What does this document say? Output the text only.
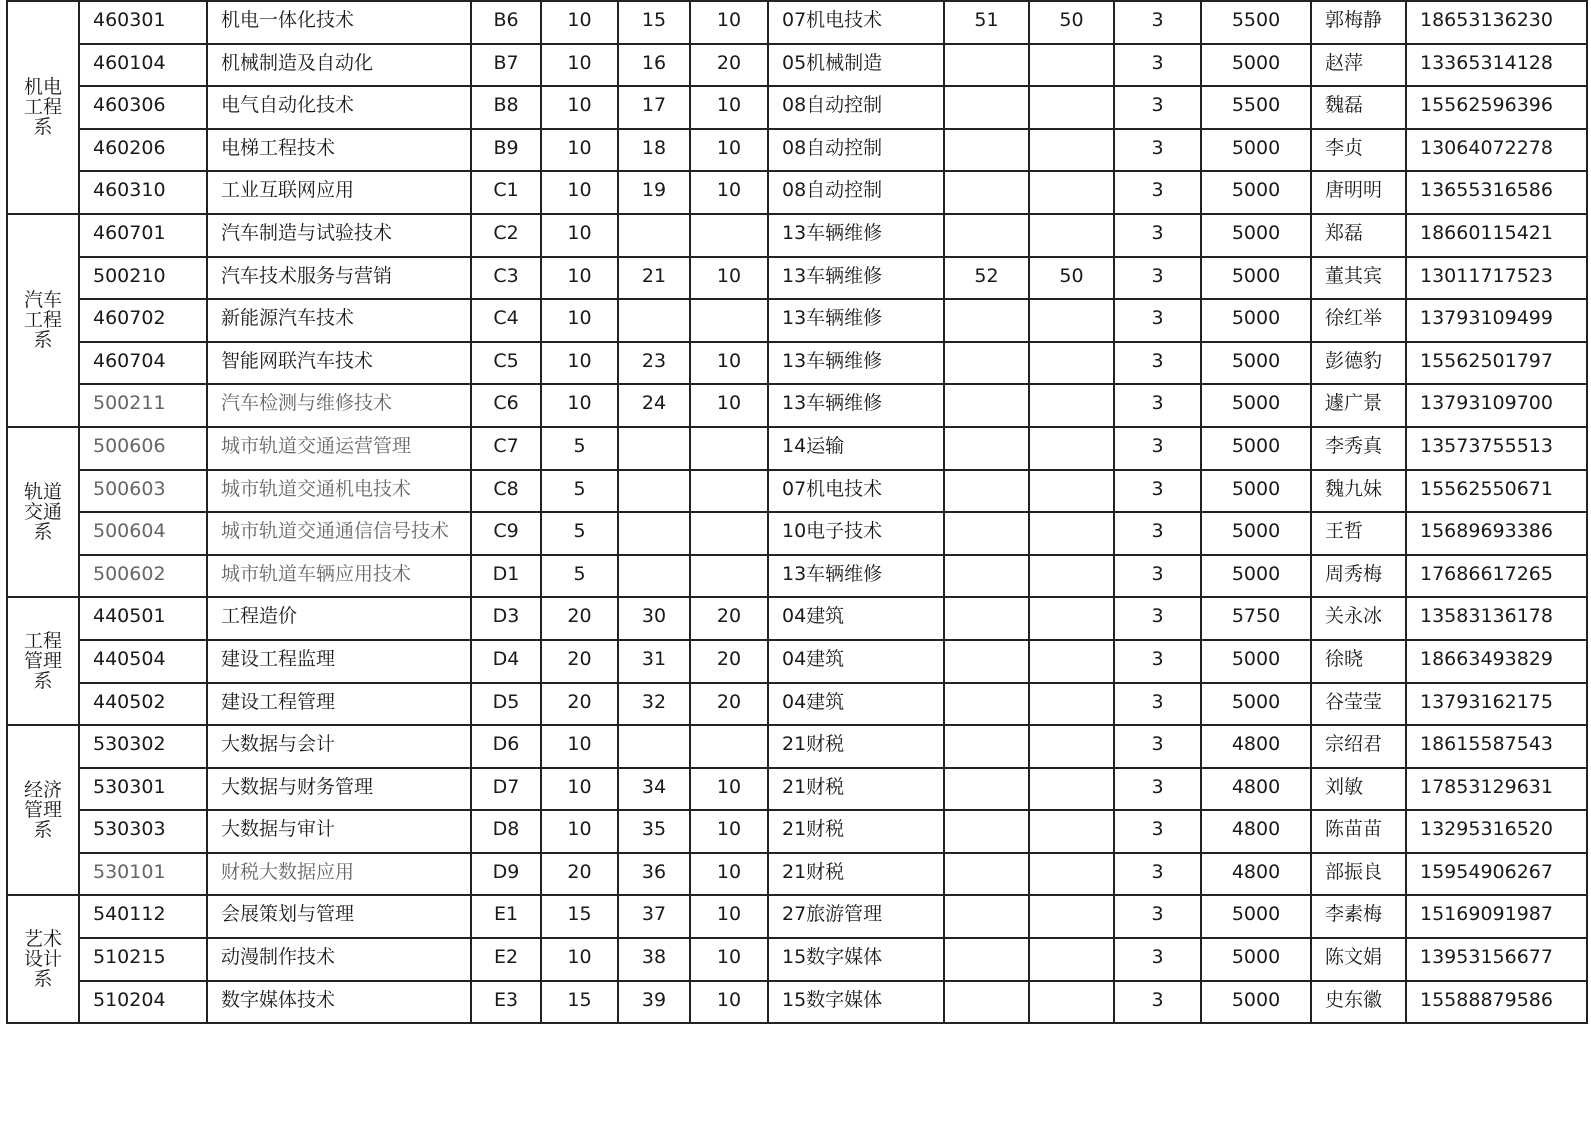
机电工程系	460301	机电一体化技术	B6	10	15	10	07机电技术	51	50	3	5500	郭梅静	18653136230

	460104	机械制造及自动化	B7	10	16	20	05机械制造			3	5000	赵萍	13365314128

	460306	电气自动化技术	B8	10	17	10	08自动控制			3	5500	魏磊	15562596396

	460206	电梯工程技术	B9	10	18	10	08自动控制			3	5000	李贞	13064072278

	460310	工业互联网应用	C1	10	19	10	08自动控制			3	5000	唐明明	13655316586

汽车工程系	460701	汽车制造与试验技术	C2	10			13车辆维修			3	5000	郑磊	18660115421

	500210	汽车技术服务与营销	C3	10	21	10	13车辆维修	52	50	3	5000	董其宾	13011717523

	460702	新能源汽车技术	C4	10			13车辆维修			3	5000	徐红举	13793109499

	460704	智能网联汽车技术	C5	10	23	10	13车辆维修			3	5000	彭德豹	15562501797

	500211	汽车检测与维修技术	C6	10	24	10	13车辆维修			3	5000	遽广景	13793109700

轨道交通系	500606	城市轨道交通运营管理	C7	5			14运输			3	5000	李秀真	13573755513

	500603	城市轨道交通机电技术	C8	5			07机电技术			3	5000	魏九妹	15562550671

	500604	城市轨道交通通信信号技术	C9	5			10电子技术			3	5000	王哲	15689693386

	500602	城市轨道车辆应用技术	D1	5			13车辆维修			3	5000	周秀梅	17686617265

工程管理系	440501	工程造价	D3	20	30	20	04建筑			3	5750	关永冰	13583136178

	440504	建设工程监理	D4	20	31	20	04建筑			3	5000	徐晓	18663493829

	440502	建设工程管理	D5	20	32	20	04建筑			3	5000	谷莹莹	13793162175

经济管理系	530302	大数据与会计	D6	10			21财税			3	4800	宗绍君	18615587543

	530301	大数据与财务管理	D7	10	34	10	21财税			3	4800	刘敏	17853129631

	530303	大数据与审计	D8	10	35	10	21财税			3	4800	陈苗苗	13295316520

	530101	财税大数据应用	D9	20	36	10	21财税			3	4800	部振良	15954906267

艺术设计系	540112	会展策划与管理	E1	15	37	10	27旅游管理			3	5000	李素梅	15169091987

	510215	动漫制作技术	E2	10	38	10	15数字媒体			3	5000	陈文娟	13953156677

	510204	数字媒体技术	E3	15	39	10	15数字媒体			3	5000	史东徽	15588879586
